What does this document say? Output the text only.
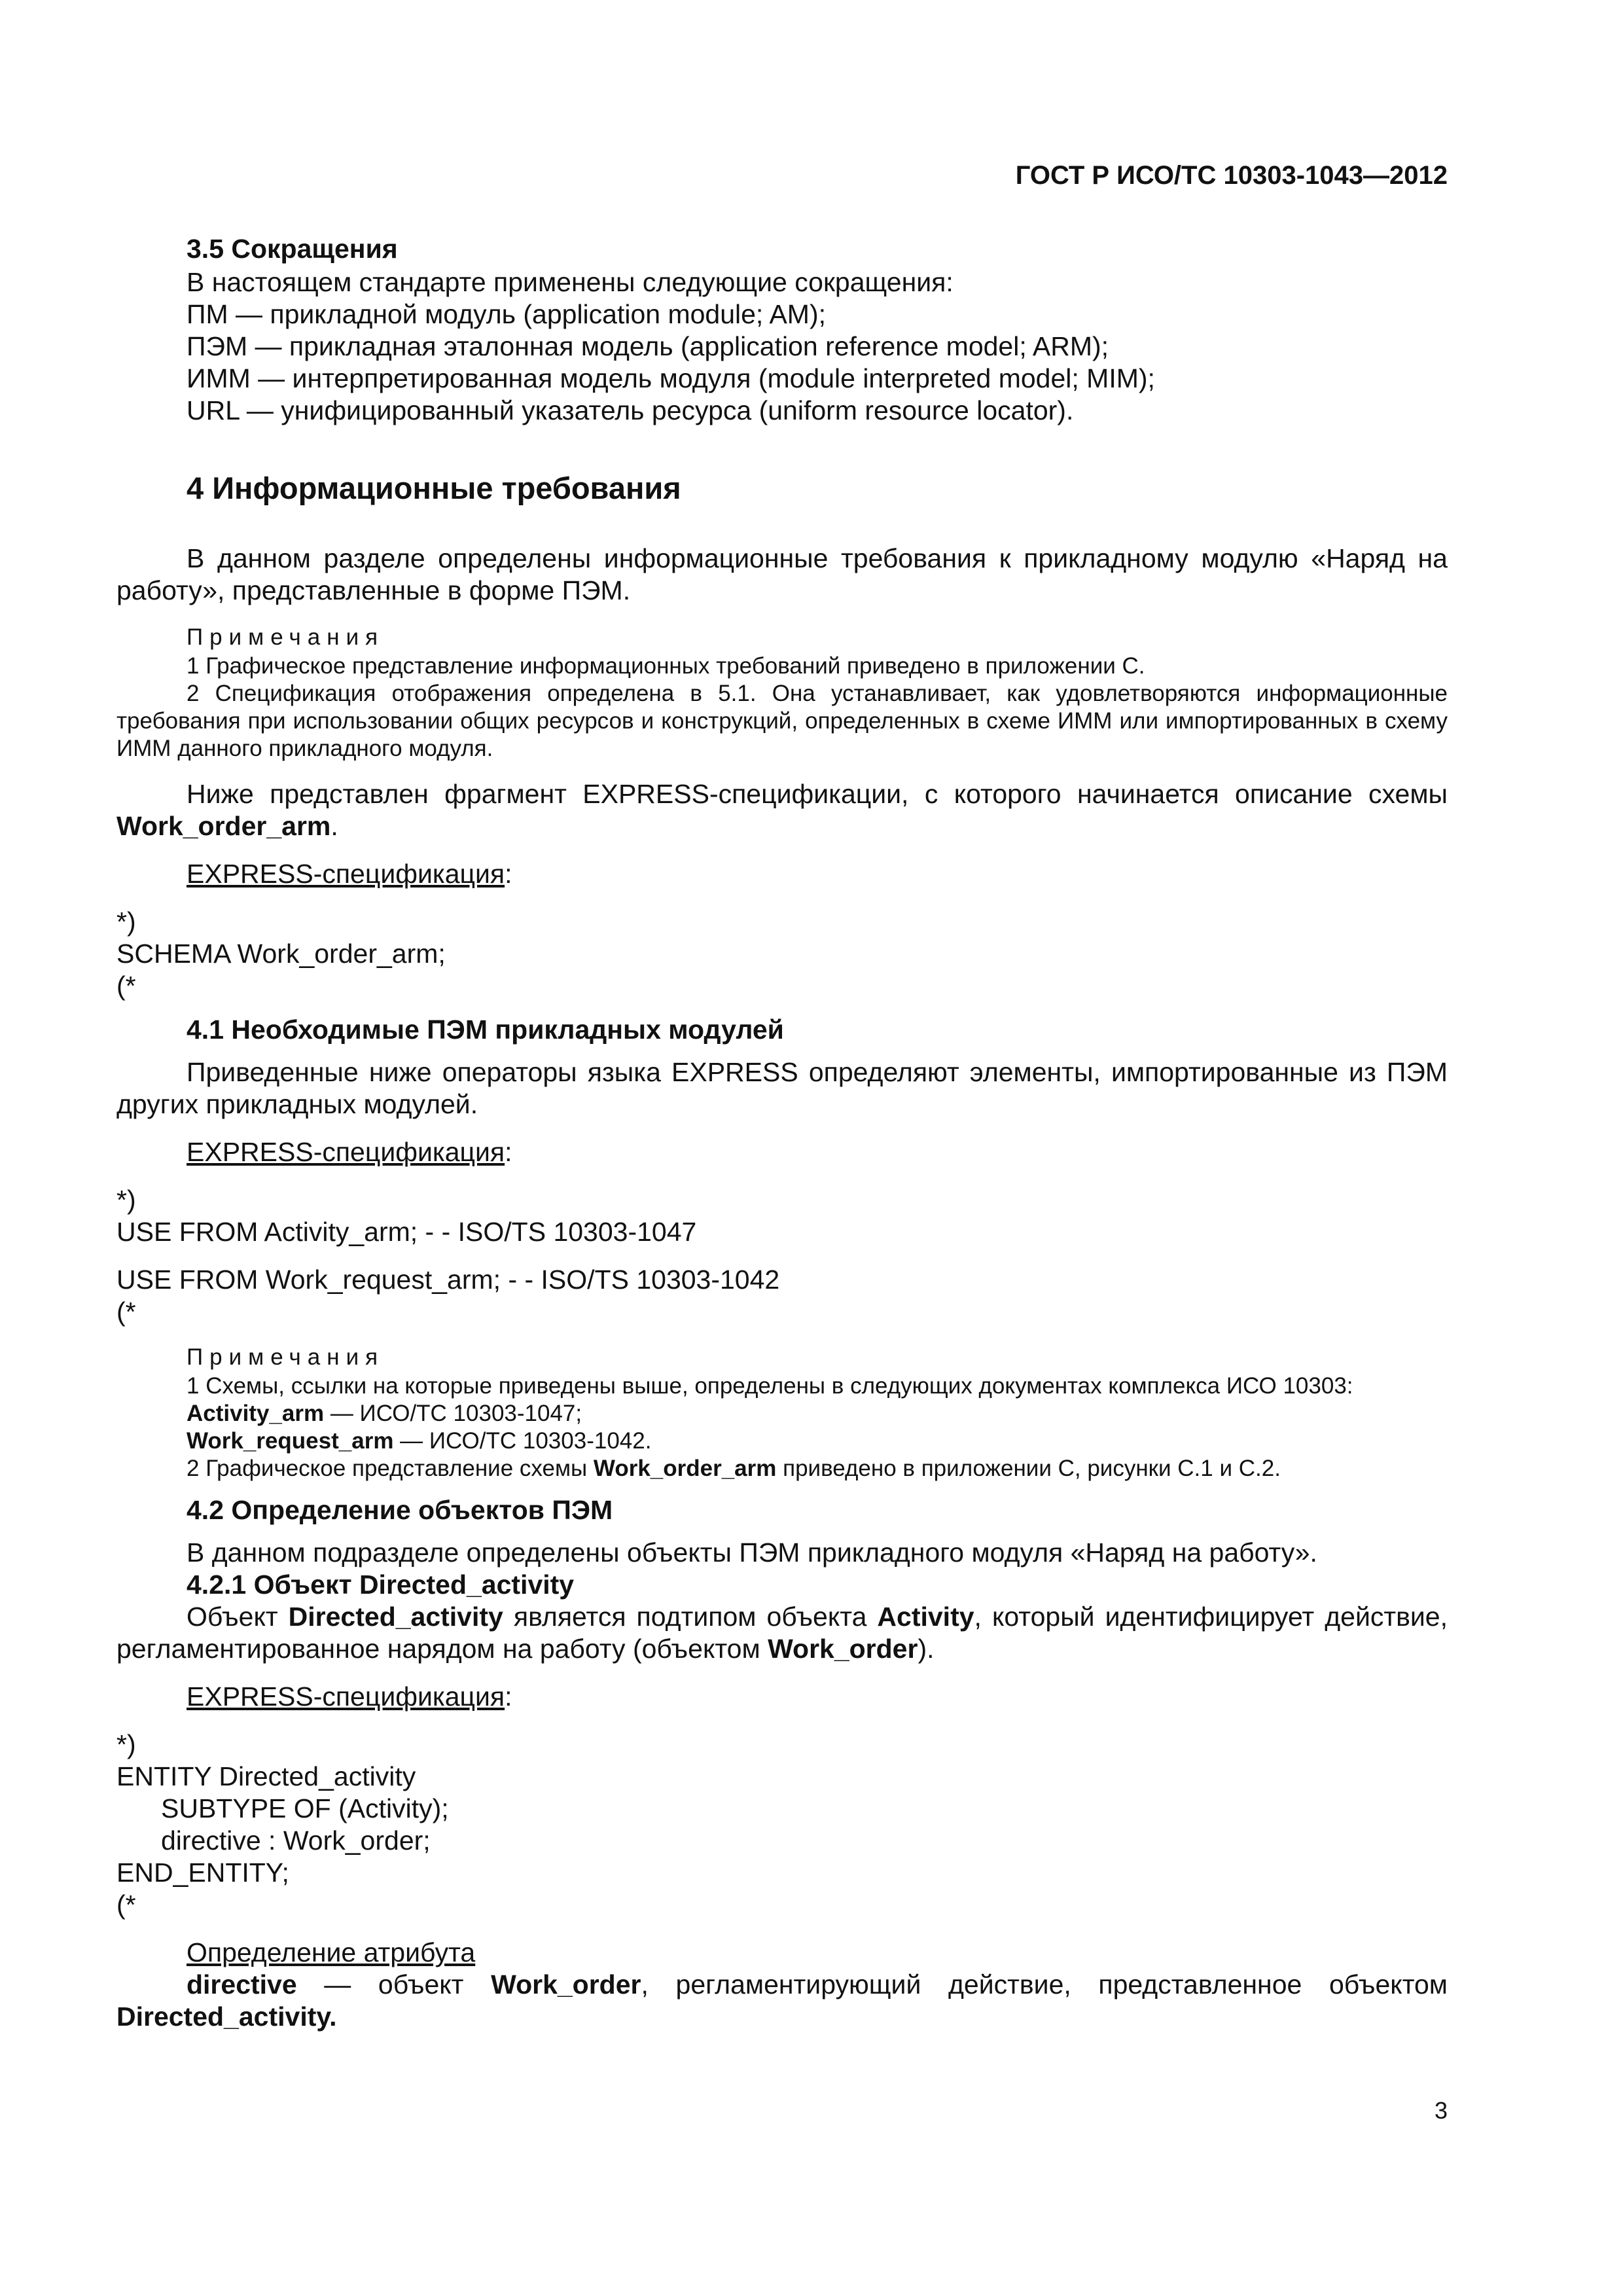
ГОСТ Р ИСО/ТС 10303-1043—2012

3.5 Сокращения

В настоящем стандарте применены следующие сокращения:

ПМ — прикладной модуль (application module; AM);

ПЭМ — прикладная эталонная модель (application reference model; ARM);

ИММ — интерпретированная модель модуля (module interpreted model; MIM);

URL — унифицированный указатель ресурса (uniform resource locator).

4 Информационные требования

В данном разделе определены информационные требования к прикладному модулю «Наряд на работу», представленные в форме ПЭМ.

Примечания

1 Графическое представление информационных требований приведено в приложении С.

2 Спецификация отображения определена в 5.1. Она устанавливает, как удовлетворяются информационные требования при использовании общих ресурсов и конструкций, определенных в схеме ИММ или импортированных в схему ИММ данного прикладного модуля.

Ниже представлен фрагмент EXPRESS-спецификации, с которого начинается описание схемы Work_order_arm.

EXPRESS-спецификация:

*)

SCHEMA Work_order_arm;

(*

4.1 Необходимые ПЭМ прикладных модулей

Приведенные ниже операторы языка EXPRESS определяют элементы, импортированные из ПЭМ других прикладных модулей.

EXPRESS-спецификация:

*)

USE FROM Activity_arm; - - ISO/TS 10303-1047

USE FROM Work_request_arm; - - ISO/TS 10303-1042

(*

Примечания

1 Схемы, ссылки на которые приведены выше, определены в следующих документах комплекса ИСО 10303:

Activity_arm — ИСО/ТС 10303-1047;

Work_request_arm — ИСО/ТС 10303-1042.

2 Графическое представление схемы Work_order_arm приведено в приложении С, рисунки С.1 и С.2.

4.2 Определение объектов ПЭМ

В данном подразделе определены объекты ПЭМ прикладного модуля «Наряд на работу».

4.2.1 Объект Directed_activity

Объект Directed_activity является подтипом объекта Activity, который идентифицирует действие, регламентированное нарядом на работу (объектом Work_order).

EXPRESS-спецификация:

*)

ENTITY Directed_activity

SUBTYPE OF (Activity);

directive : Work_order;

END_ENTITY;

(*

Определение атрибута

directive — объект Work_order, регламентирующий действие, представленное объектом Directed_activity.

3
